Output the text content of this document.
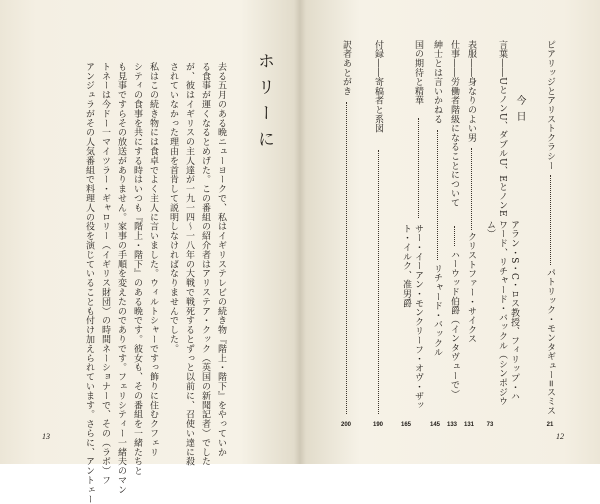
ホリーに
去る五月のある晩ニューヨークで、私はイギリステレビの続き物『階上・階下』をやっていか
る食事が運くなるとめげた。この番組の紹介者はアリステア・クック（英国の新聞記者）でした
が、彼はイギリスの主人達が一九一四〜一八年の大戦で戦死するとずっと以前に、召使い達に殺
されていなかった理由を首肯して説明しなければなりませんでした。
私はこの続き物には食卓でよく主人に言いました。ウィルトシャーですっ飾りに住むクフェリ
シティの食事を共にする時はいつも『階上・階下』のある晩です。彼女も、その番組を一緒たちと
も見事ですらその放送がありません。家事の手順を変えたのでありです。フェリシティー一緒夫のマン
トネーは今ドー一マイツラー・ギャロリー（イギリス財団）の時間ネーショナーで、その（ラボ）フ
アンジュラがその人気番組で料理人の役を演じていることも付け加えられています。さらに、アントェー
13
ピアリッジとアリストクラシー
パトリック・モンタギュー=スミス
21
今日
言葉――UとノンU、ダブルU、EとノンE
アラン・S・C・ロス教授、フィリップ・ハワード、リチャード・バックル（シンポジウム）
73
表服――身なりのよい男
クリストファー・サイクス
131
仕事――労働者階級になることについて
ハーウッド伯爵（インタヴューで）
133
紳士とは言いかねる
リチャード・バックル
145
国の期待と精華
サー・イーアン・モンクリーフ・オヴ・ザット・イルク、准男爵
165
付録――寄稿者と系図
190
訳者あとがき
200
12
